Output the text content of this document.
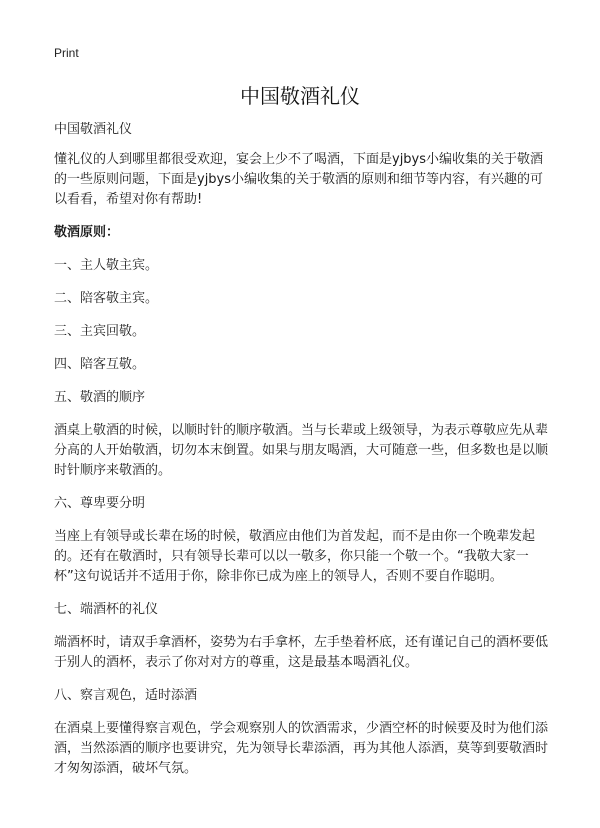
Print
中国敬酒礼仪

中国敬酒礼仪

懂礼仪的人到哪里都很受欢迎，宴会上少不了喝酒，下面是yjbys小编收集的关于敬酒的一些原则问题，下面是yjbys小编收集的关于敬酒的原则和细节等内容，有兴趣的可以看看，希望对你有帮助!

敬酒原则：

一、主人敬主宾。

二、陪客敬主宾。

三、主宾回敬。

四、陪客互敬。

五、敬酒的顺序

酒桌上敬酒的时候，以顺时针的顺序敬酒。当与长辈或上级领导，为表示尊敬应先从辈分高的人开始敬酒，切勿本末倒置。如果与朋友喝酒，大可随意一些，但多数也是以顺时针顺序来敬酒的。

六、尊卑要分明

当座上有领导或长辈在场的时候，敬酒应由他们为首发起，而不是由你一个晚辈发起的。还有在敬酒时，只有领导长辈可以以一敬多，你只能一个敬一个。“我敬大家一杯”这句说话并不适用于你，除非你已成为座上的领导人，否则不要自作聪明。

七、端酒杯的礼仪

端酒杯时，请双手拿酒杯，姿势为右手拿杯，左手垫着杯底，还有谨记自己的酒杯要低于别人的酒杯，表示了你对对方的尊重，这是最基本喝酒礼仪。

八、察言观色，适时添酒

在酒桌上要懂得察言观色，学会观察别人的饮酒需求，少酒空杯的时候要及时为他们添酒，当然添酒的顺序也要讲究，先为领导长辈添酒，再为其他人添酒，莫等到要敬酒时才匆匆添酒，破坏气氛。
